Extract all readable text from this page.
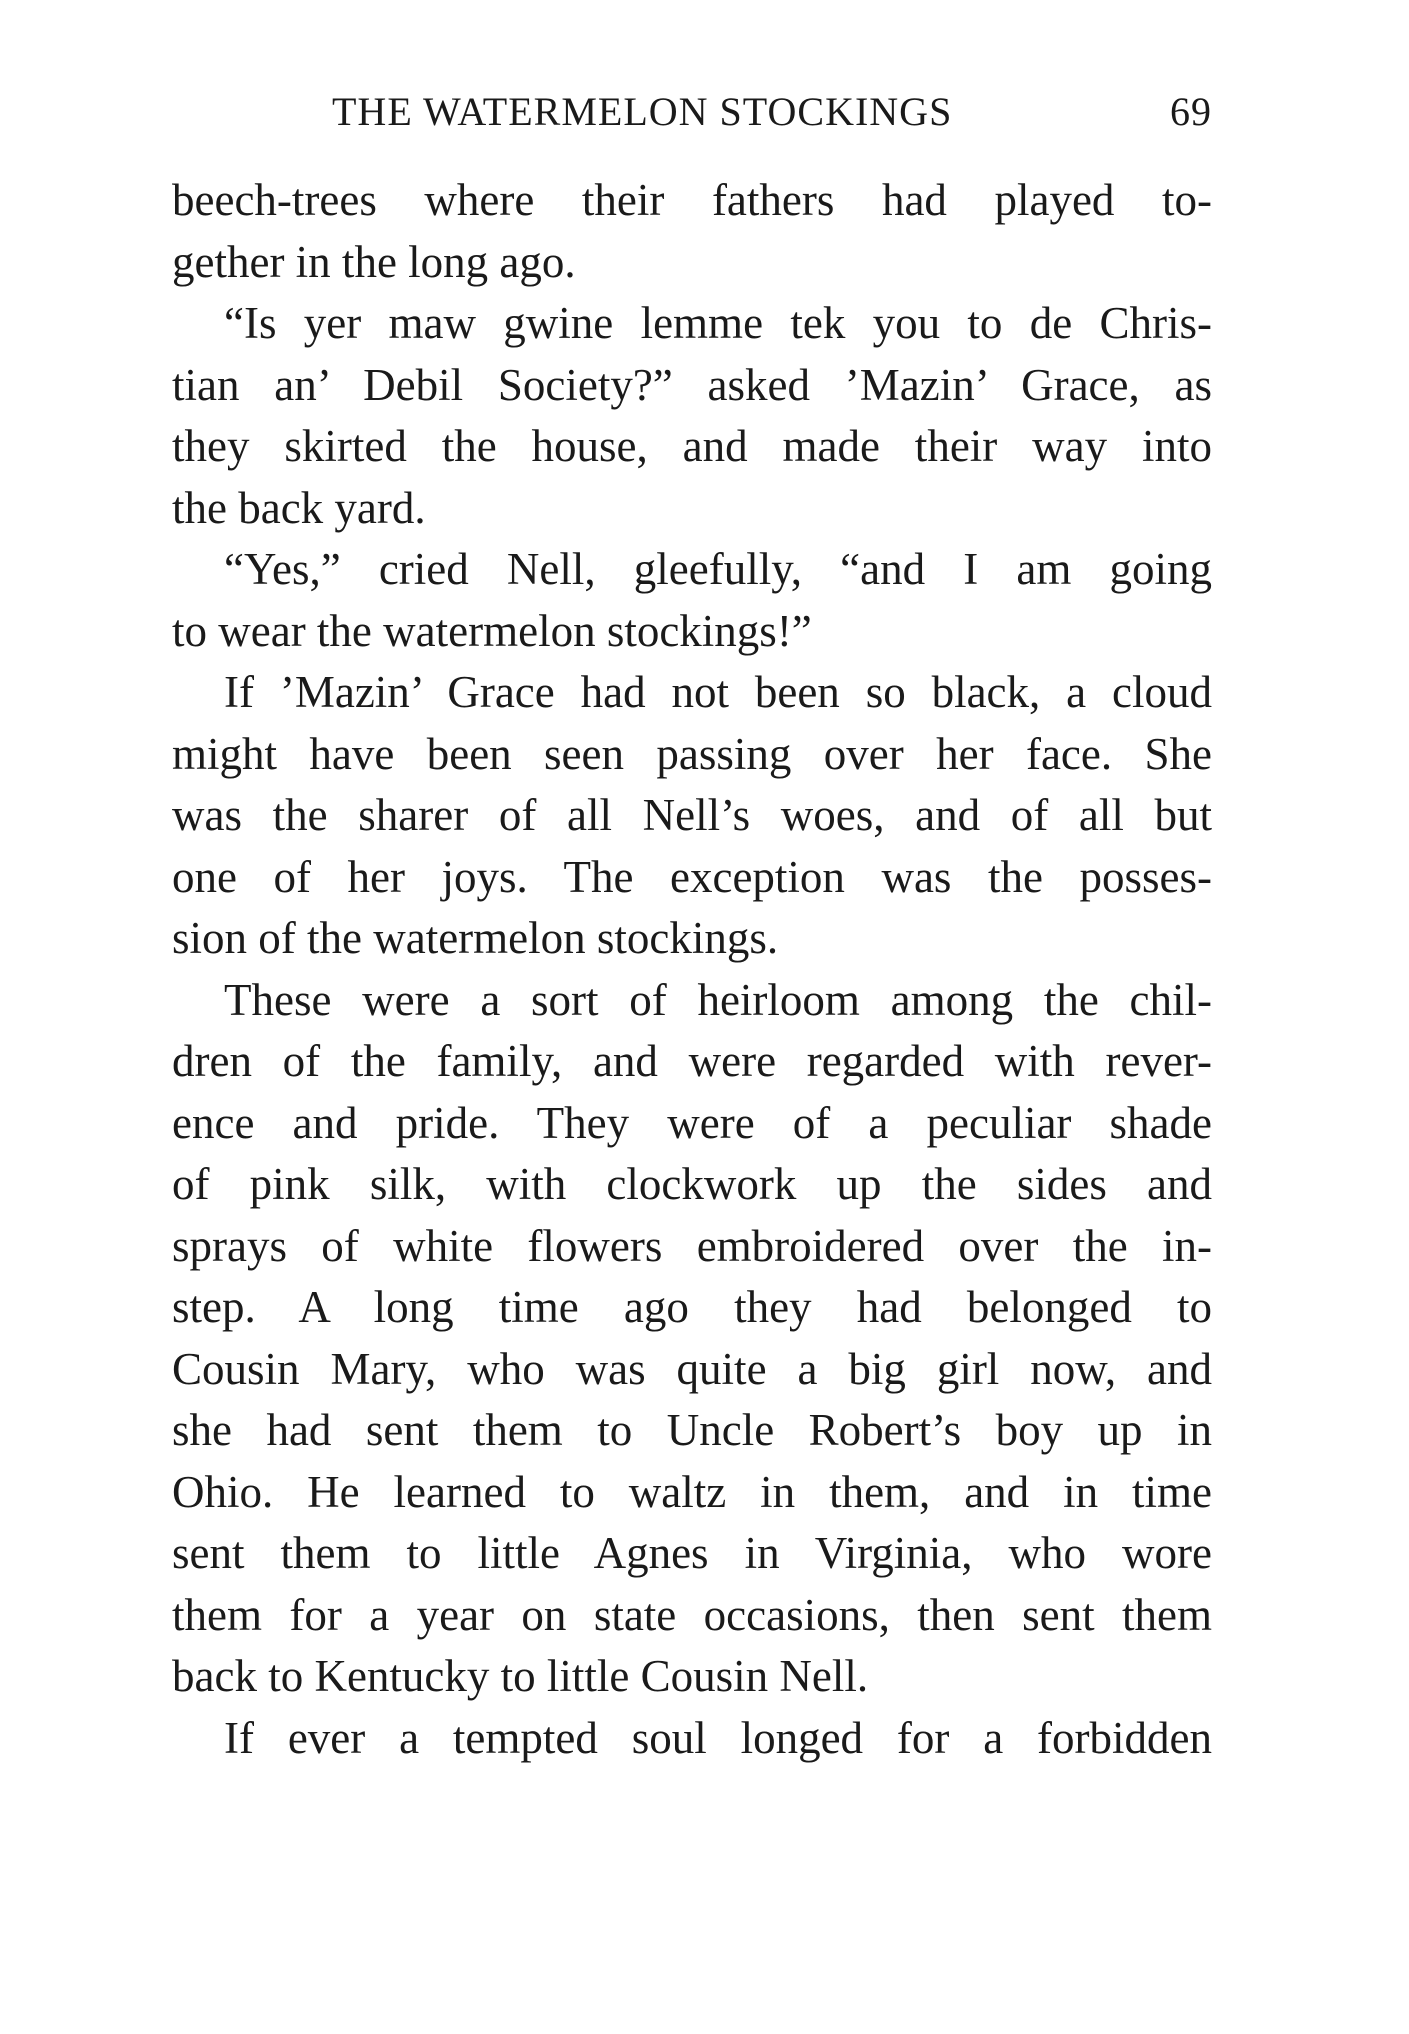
THE WATERMELON STOCKINGS	69
beech-trees where their fathers had played to-
gether in the long ago.
“Is yer maw gwine lemme tek you to de Chris-
tian an’ Debil Society?” asked ’Mazin’ Grace, as
they skirted the house, and made their way into
the back yard.
“Yes,” cried Nell, gleefully, “and I am going
to wear the watermelon stockings!”
If ’Mazin’ Grace had not been so black, a cloud
might have been seen passing over her face. She
was the sharer of all Nell’s woes, and of all but
one of her joys. The exception was the posses-
sion of the watermelon stockings.
These were a sort of heirloom among the chil-
dren of the family, and were regarded with rever-
ence and pride. They were of a peculiar shade
of pink silk, with clockwork up the sides and
sprays of white flowers embroidered over the in-
step. A long time ago they had belonged to
Cousin Mary, who was quite a big girl now, and
she had sent them to Uncle Robert’s boy up in
Ohio. He learned to waltz in them, and in time
sent them to little Agnes in Virginia, who wore
them for a year on state occasions, then sent them
back to Kentucky to little Cousin Nell.
If ever a tempted soul longed for a forbidden
